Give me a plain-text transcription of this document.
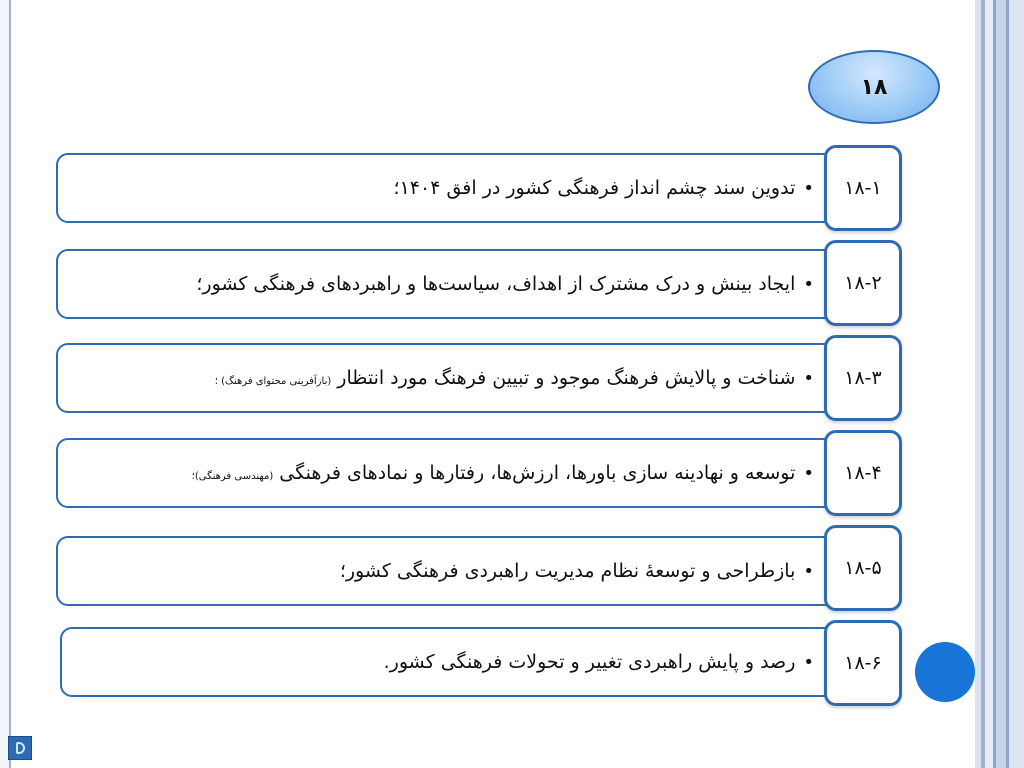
۱۸
•
تدوین سند چشم انداز فرهنگی کشور در افق ۱۴۰۴؛	۱۸-۱
•
ایجاد بینش و درک مشترک از اهداف، سیاست‌ها و راهبردهای فرهنگی کشور؛	۱۸-۲
•
شناخت و پالایش فرهنگ موجود و تبیین فرهنگ مورد انتظار (بازآفرینی محتوای فرهنگ) ؛	۱۸-۳
•
توسعه و نهادینه سازی باورها، ارزش‌ها، رفتارها و نمادهای فرهنگی (مهندسی فرهنگی)؛	۱۸-۴
•
بازطراحی و توسعهٔ نظام مدیریت راهبردی فرهنگی کشور؛	۱۸-۵
•
رصد و پایش راهبردی تغییر و تحولات فرهنگی کشور.	۱۸-۶
